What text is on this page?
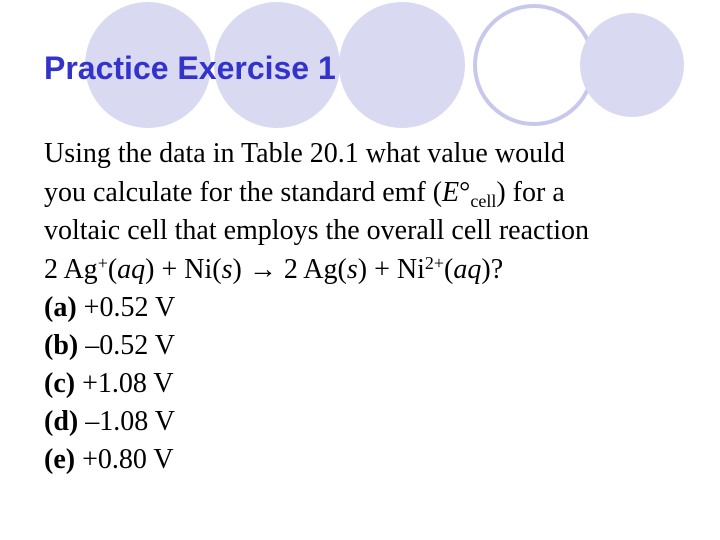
Practice Exercise 1
Using the data in Table 20.1 what value would
you calculate for the standard emf $(E^\circ_{cell})$ for a
voltaic cell that employs the overall cell reaction
2 Ag+(aq) + Ni(s) → 2 $Ag(s) + Ni^{2+}(aq)$?
(a) +0.52 V
(b) –0.52 V
(c) +1.08 V
(d) –1.08 V
(e) +0.80 V
